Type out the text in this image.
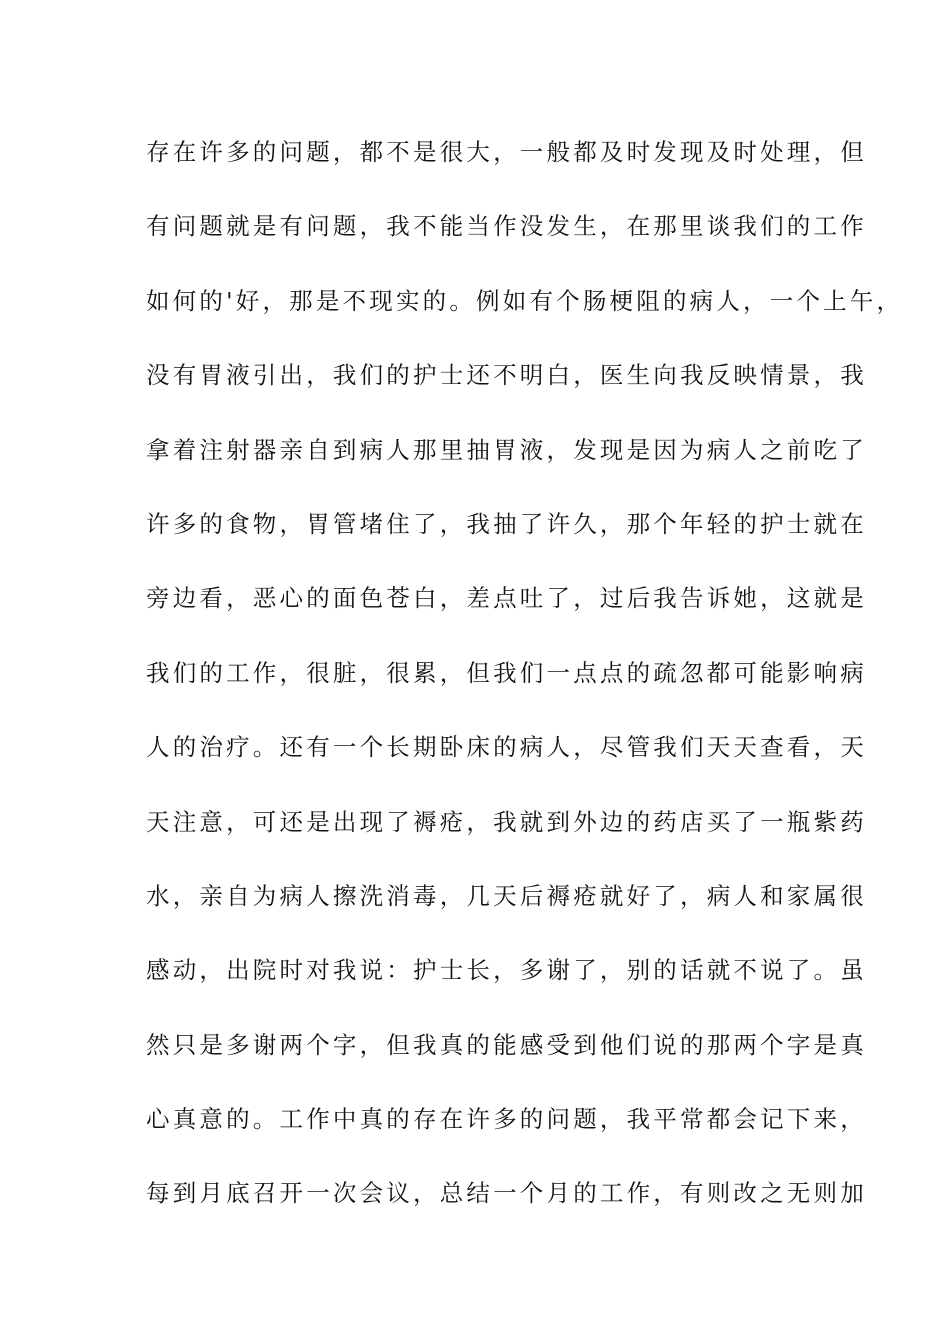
存在许多的问题，都不是很大，一般都及时发现及时处理，但
有问题就是有问题，我不能当作没发生，在那里谈我们的工作
如何的'好，那是不现实的。例如有个肠梗阻的病人，一个上午，
没有胃液引出，我们的护士还不明白，医生向我反映情景，我
拿着注射器亲自到病人那里抽胃液，发现是因为病人之前吃了
许多的食物，胃管堵住了，我抽了许久，那个年轻的护士就在
旁边看，恶心的面色苍白，差点吐了，过后我告诉她，这就是
我们的工作，很脏，很累，但我们一点点的疏忽都可能影响病
人的治疗。还有一个长期卧床的病人，尽管我们天天查看，天
天注意，可还是出现了褥疮，我就到外边的药店买了一瓶紫药
水，亲自为病人擦洗消毒，几天后褥疮就好了，病人和家属很
感动，出院时对我说：护士长，多谢了，别的话就不说了。虽
然只是多谢两个字，但我真的能感受到他们说的那两个字是真
心真意的。工作中真的存在许多的问题，我平常都会记下来，
每到月底召开一次会议，总结一个月的工作，有则改之无则加
